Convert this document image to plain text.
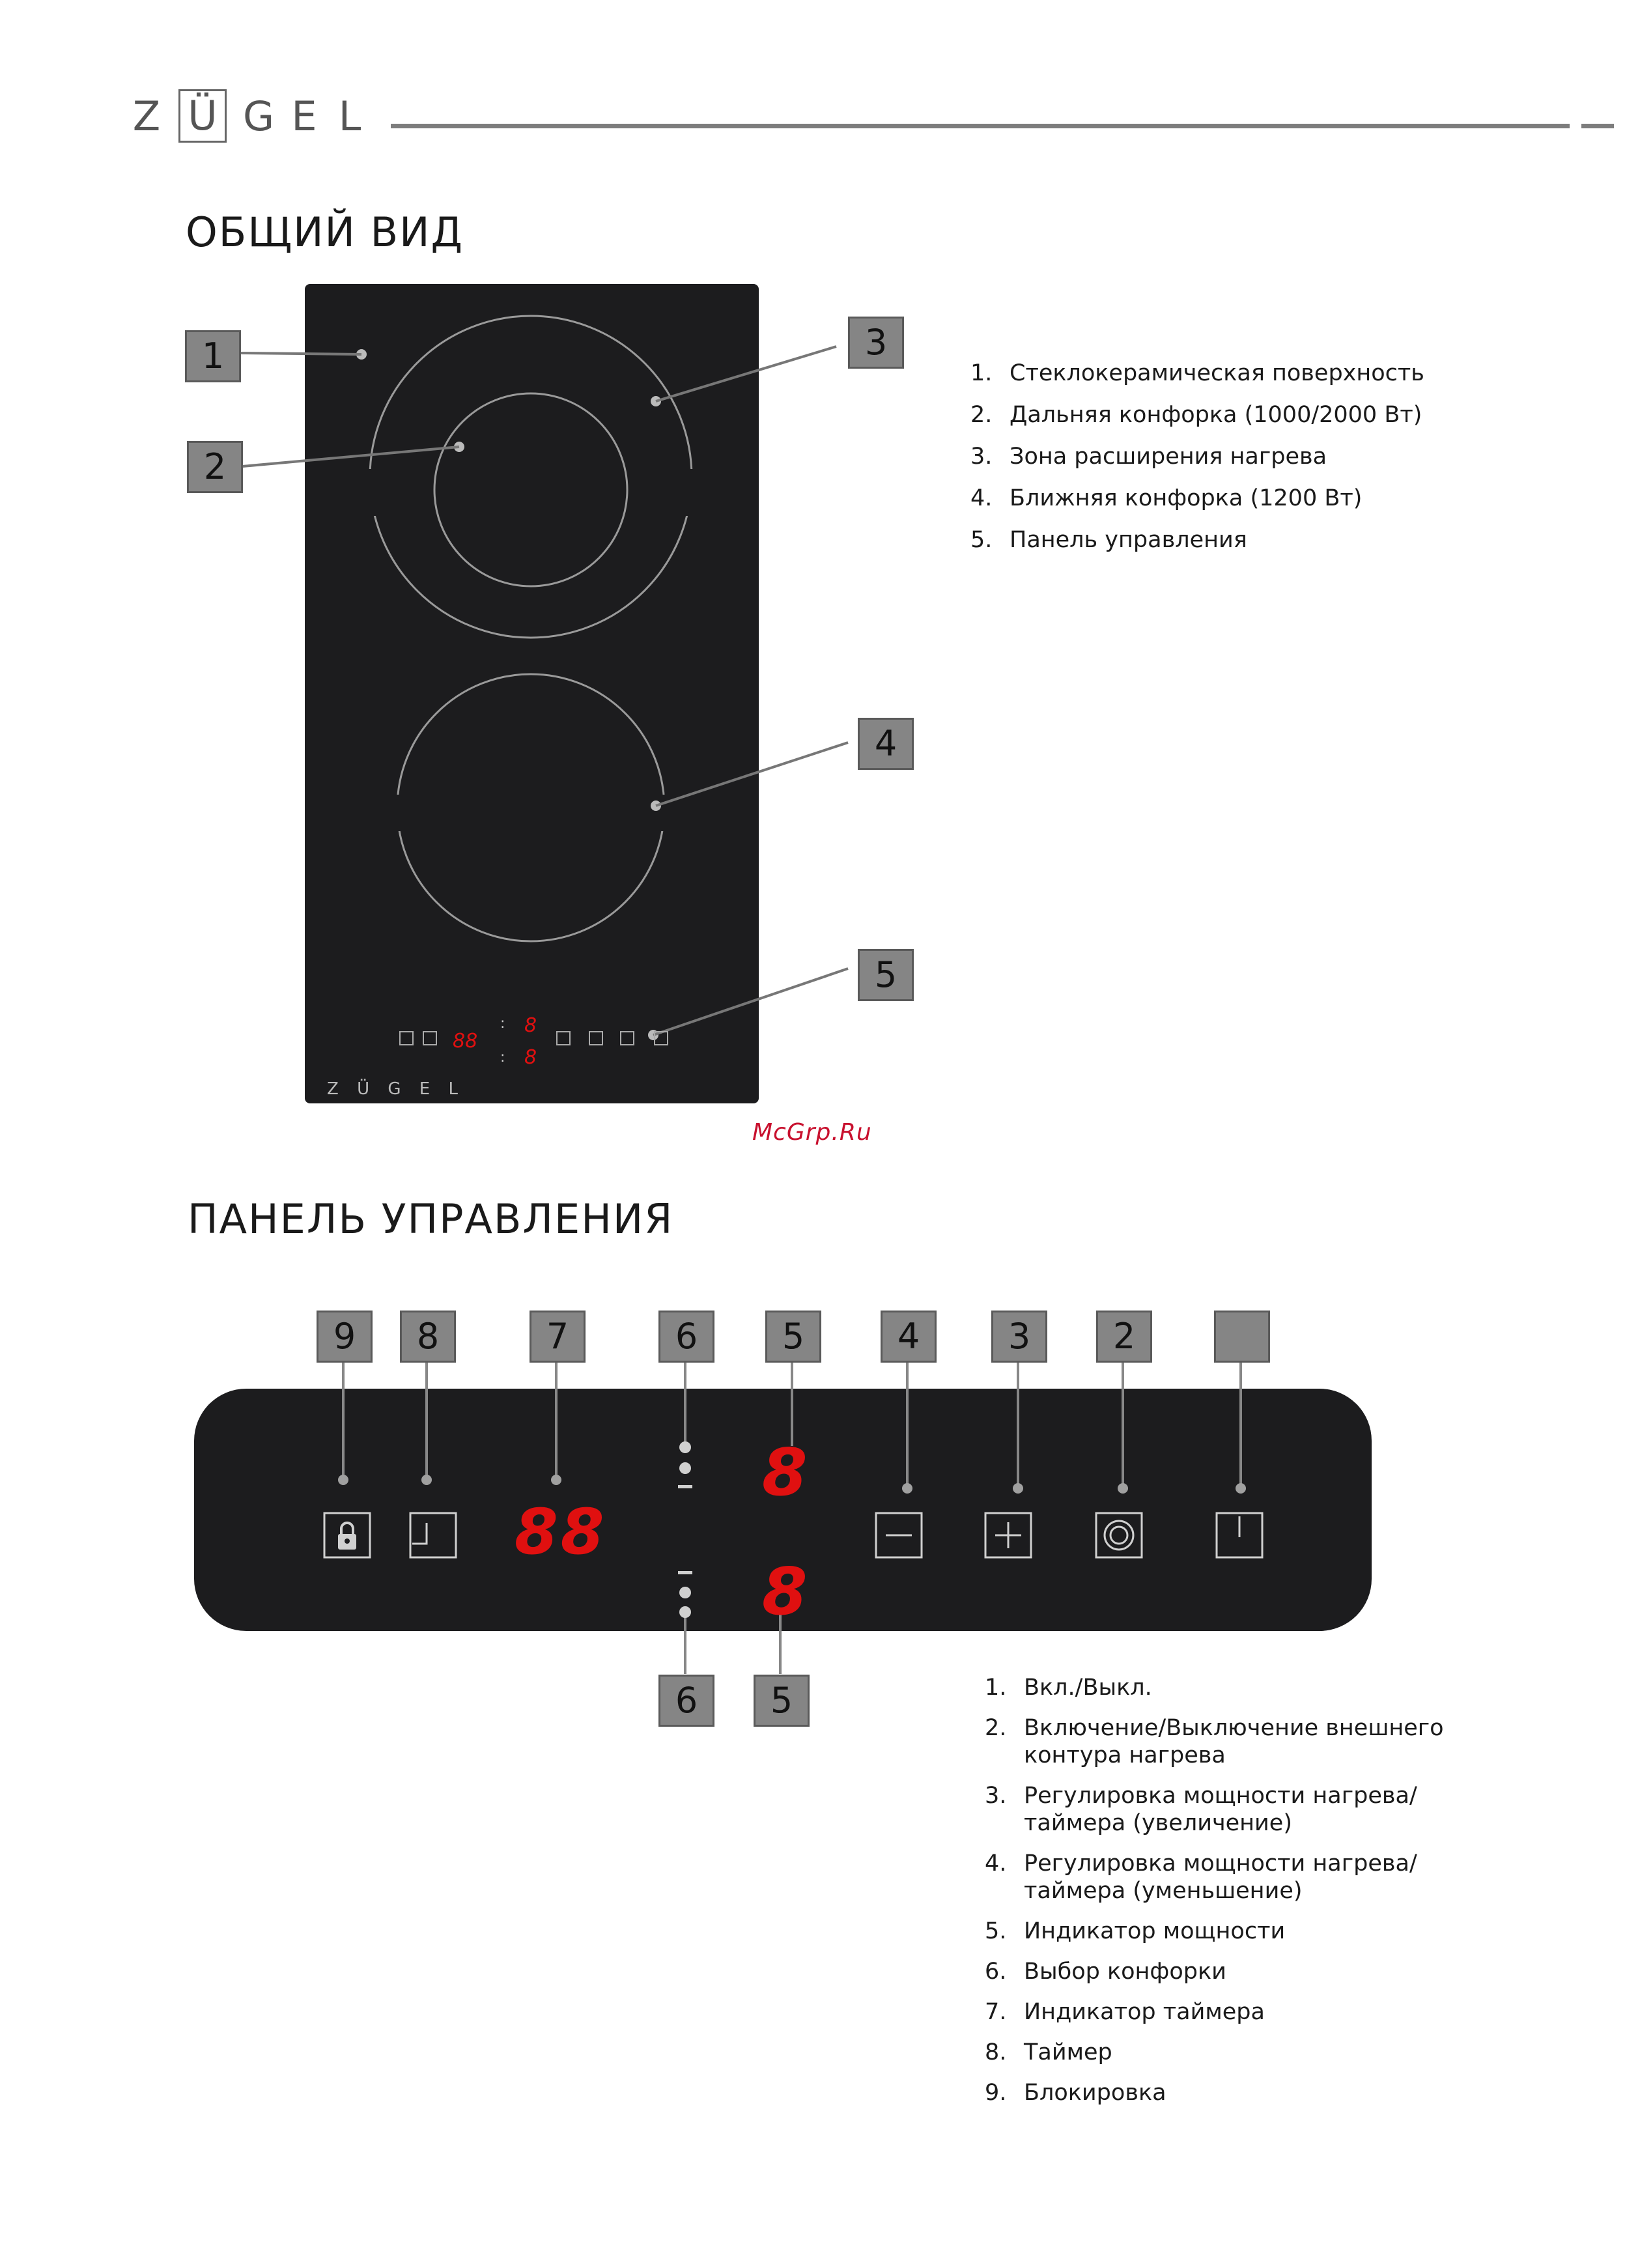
Z Ü G E L
ОБЩИЙ ВИД
88
:
:
8
8
Z Ü G E L
1
2
3
4
5
1. Стеклокерамическая поверхность
2. Дальняя конфорка (1000/2000 Вт)
3. Зона расширения нагрева
4. Ближняя конфорка (1200 Вт)
5. Панель управления
McGrp.Ru
ПАНЕЛЬ УПРАВЛЕНИЯ
88
8
8
9	8	7	6	5	4	3	2
6	5	1. Вкл./Выкл.
2. Включение/Выключение внешнего контура нагрева
3. Регулировка мощности нагрева/ таймера (увеличение)
4. Регулировка мощности нагрева/ таймера (уменьшение)
5. Индикатор мощности
6. Выбор конфорки
7. Индикатор таймера
8. Таймер
9. Блокировка
